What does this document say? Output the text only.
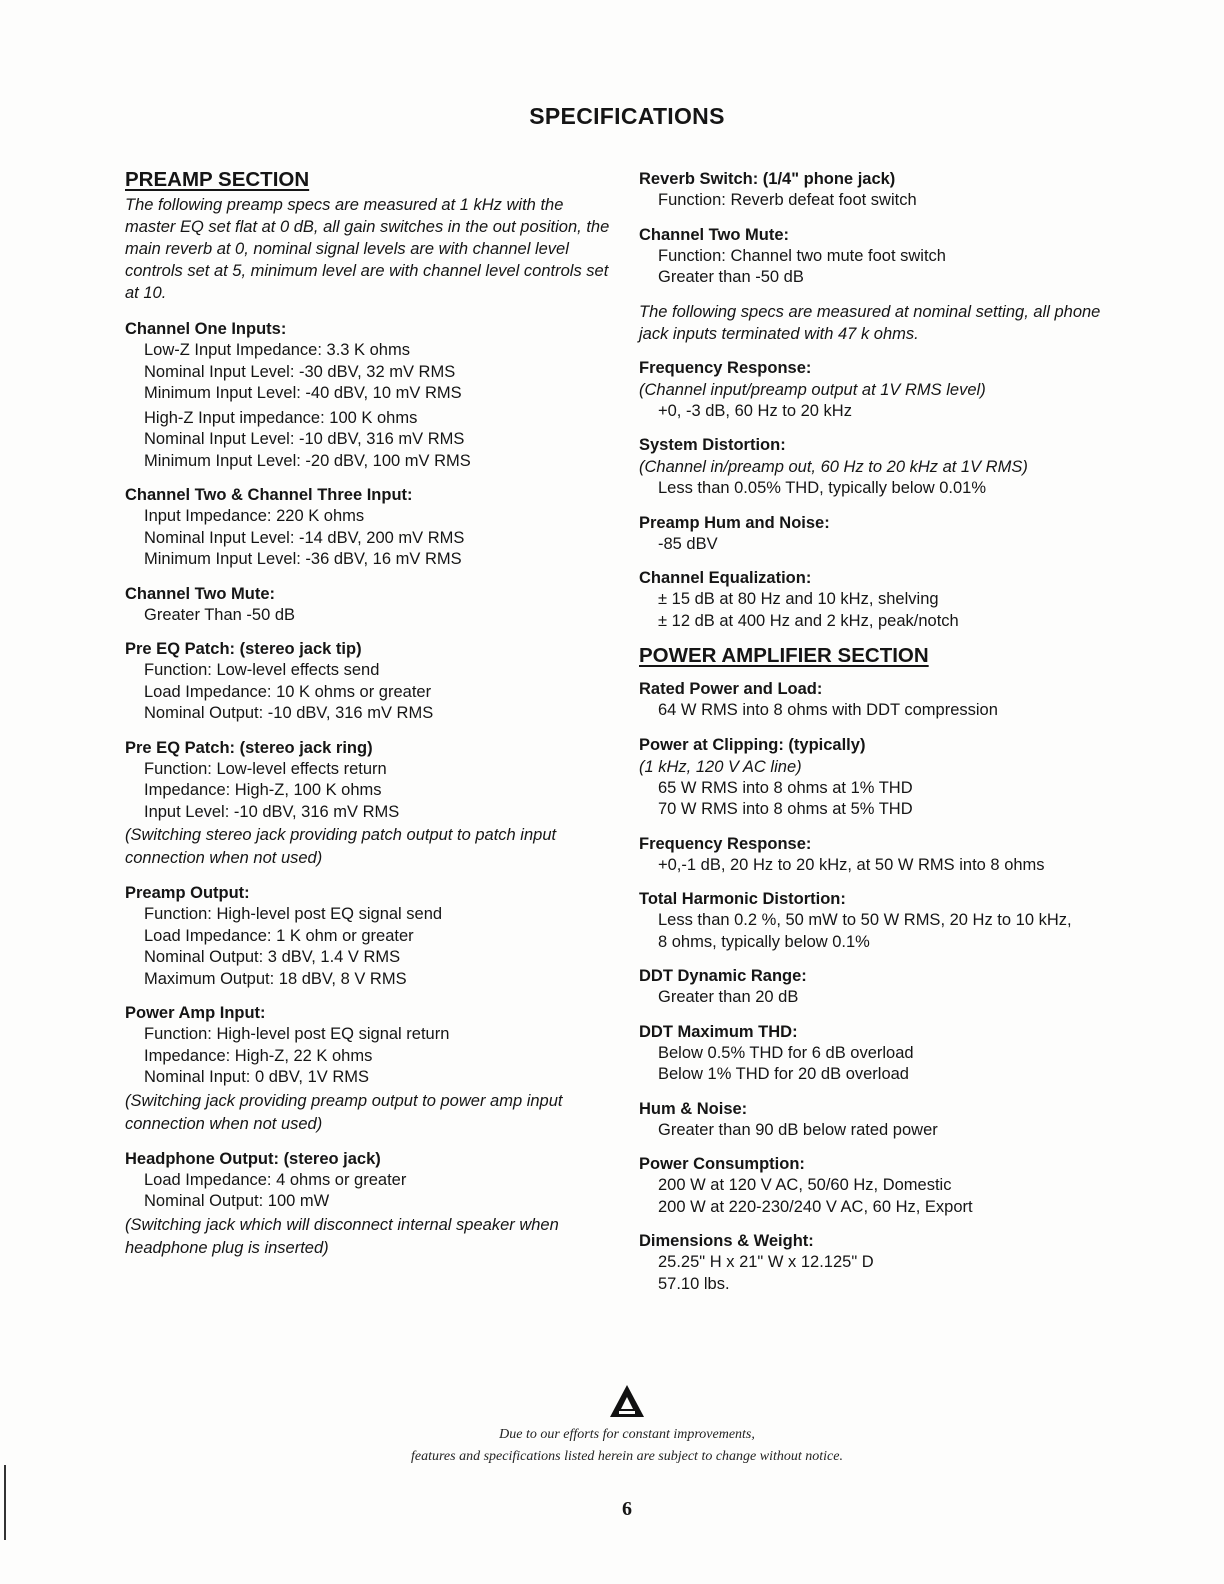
SPECIFICATIONS
PREAMP SECTION
The following preamp specs are measured at 1 kHz with the master EQ set flat at 0 dB, all gain switches in the out position, the main reverb at 0, nominal signal levels are with channel level controls set at 5, minimum level are with channel level controls set at 10.
Channel One Inputs:
Low-Z Input Impedance: 3.3 K ohms
Nominal Input Level: -30 dBV, 32 mV RMS
Minimum Input Level: -40 dBV, 10 mV RMS
High-Z Input impedance: 100 K ohms
Nominal Input Level: -10 dBV, 316 mV RMS
Minimum Input Level: -20 dBV, 100 mV RMS
Channel Two & Channel Three Input:
Input Impedance: 220 K ohms
Nominal Input Level: -14 dBV, 200 mV RMS
Minimum Input Level: -36 dBV, 16 mV RMS
Channel Two Mute:
Greater Than -50 dB
Pre EQ Patch: (stereo jack tip)
Function: Low-level effects send
Load Impedance: 10 K ohms or greater
Nominal Output: -10 dBV, 316 mV RMS
Pre EQ Patch: (stereo jack ring)
Function: Low-level effects return
Impedance: High-Z, 100 K ohms
Input Level: -10 dBV, 316 mV RMS
(Switching stereo jack providing patch output to patch input connection when not used)
Preamp Output:
Function: High-level post EQ signal send
Load Impedance: 1 K ohm or greater
Nominal Output: 3 dBV, 1.4 V RMS
Maximum Output: 18 dBV, 8 V RMS
Power Amp Input:
Function: High-level post EQ signal return
Impedance: High-Z, 22 K ohms
Nominal Input: 0 dBV, 1V RMS
(Switching jack providing preamp output to power amp input connection when not used)
Headphone Output: (stereo jack)
Load Impedance: 4 ohms or greater
Nominal Output: 100 mW
(Switching jack which will disconnect internal speaker when headphone plug is inserted)
Reverb Switch: (1/4" phone jack)
Function: Reverb defeat foot switch
Channel Two Mute:
Function: Channel two mute foot switch
Greater than -50 dB
The following specs are measured at nominal setting, all phone jack inputs terminated with 47 k ohms.
Frequency Response:
(Channel input/preamp output at 1V RMS level)
+0, -3 dB, 60 Hz to 20 kHz
System Distortion:
(Channel in/preamp out, 60 Hz to 20 kHz at 1V RMS)
Less than 0.05% THD, typically below 0.01%
Preamp Hum and Noise:
-85 dBV
Channel Equalization:
± 15 dB at 80 Hz and 10 kHz, shelving
± 12 dB at 400 Hz and 2 kHz, peak/notch
POWER AMPLIFIER SECTION
Rated Power and Load:
64 W RMS into 8 ohms with DDT compression
Power at Clipping: (typically)
(1 kHz, 120 V AC line)
65 W RMS into 8 ohms at 1% THD
70 W RMS into 8 ohms at 5% THD
Frequency Response:
+0,-1 dB, 20 Hz to 20 kHz, at 50 W RMS into 8 ohms
Total Harmonic Distortion:
Less than 0.2 %, 50 mW to 50 W RMS, 20 Hz to 10 kHz,
8 ohms, typically below 0.1%
DDT Dynamic Range:
Greater than 20 dB
DDT Maximum THD:
Below 0.5% THD for 6 dB overload
Below 1% THD for 20 dB overload
Hum & Noise:
Greater than 90 dB below rated power
Power Consumption:
200 W at 120 V AC, 50/60 Hz, Domestic
200 W at 220-230/240 V AC, 60 Hz, Export
Dimensions & Weight:
25.25" H x 21" W x 12.125" D
57.10 lbs.
Due to our efforts for constant improvements,
features and specifications listed herein are subject to change without notice.
6
